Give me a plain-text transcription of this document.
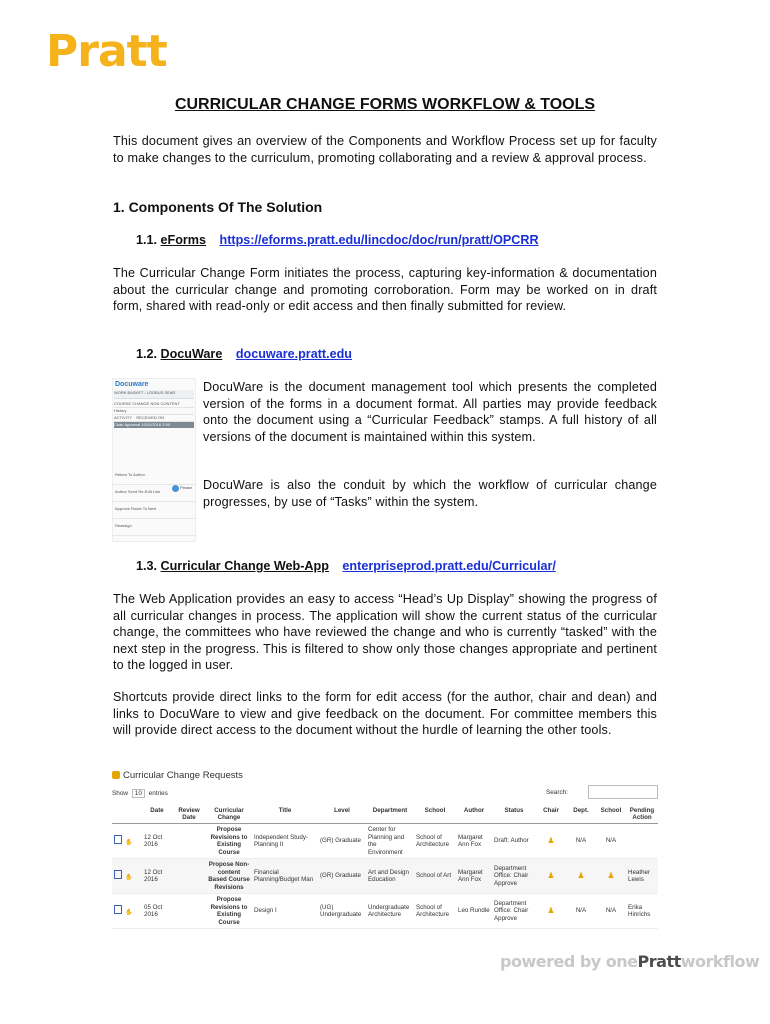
Pratt
CURRICULAR CHANGE FORMS WORKFLOW & TOOLS
This document gives an overview of the Components and Workflow Process set up for faculty to make changes to the curriculum, promoting collaborating and a review & approval process.
1. Components Of The Solution
1.1. eForms https://eforms.pratt.edu/lincdoc/doc/run/pratt/OPCRR
The Curricular Change Form initiates the process, capturing key-information & documentation about the curricular change and promoting corroboration. Form may be worked on in draft form, shared with read-only or edit access and then finally submitted for review.
1.2. DocuWare docuware.pratt.edu
Docuware
WORK BASKET : LOGBUS SEAR
COURSE CHANGE NON CONTENT
History
ACTIVITY RECEIVED ON
Chair Approval 10/11/2016 2:50
Return To Author
Author Send Re-Edit Link
Approve Route To Next
Reassign
Please
DocuWare is the document management tool which presents the completed version of the forms in a document format. All parties may provide feedback onto the document using a “Curricular Feedback” stamps. A full history of all versions of the document is maintained within this system.
DocuWare is also the conduit by which the workflow of curricular change progresses, by use of “Tasks” within the system.
1.3. Curricular Change Web-App enterpriseprod.pratt.edu/Curricular/
The Web Application provides an easy to access “Head’s Up Display” showing the progress of all curricular changes in process. The application will show the current status of the curricular change, the committees who have reviewed the change and who is currently “tasked” with the next step in the progress. This is filtered to show only those changes appropriate and pertinent to the logged in user.
Shortcuts provide direct links to the form for edit access (for the author, chair and dean) and links to DocuWare to view and give feedback on the document. For committee members this will provide direct access to the document without the hurdle of learning the other tools.
Curricular Change Requests
Show 10 entries	Search:
	Date	Review Date	Curricular Change	Title	Level	Department	School	Author	Status	Chair	Dept.	School	Pending Action
✋	12 Oct 2016		Propose Revisions to Existing Course	Independent Study- Planning II	(GR) Graduate	Center for Planning and the Environment	School of Architecture	Margaret Ann Fox	Draft: Author	♟	N/A	N/A	
✋	12 Oct 2016		Propose Non-content Based Course Revisions	Financial Planning/Budget Man	(GR) Graduate	Art and Design Education	School of Art	Margaret Ann Fox	Department Office: Chair Approve	♟	♟	♟	Heather Lewis
✋	05 Oct 2016		Propose Revisions to Existing Course	Design I	(UG) Undergraduate	Undergraduate Architecture	School of Architecture	Leo Rundle	Department Office: Chair Approve	♟	N/A	N/A	Erika Hinrichs
powered by onePrattworkflow
